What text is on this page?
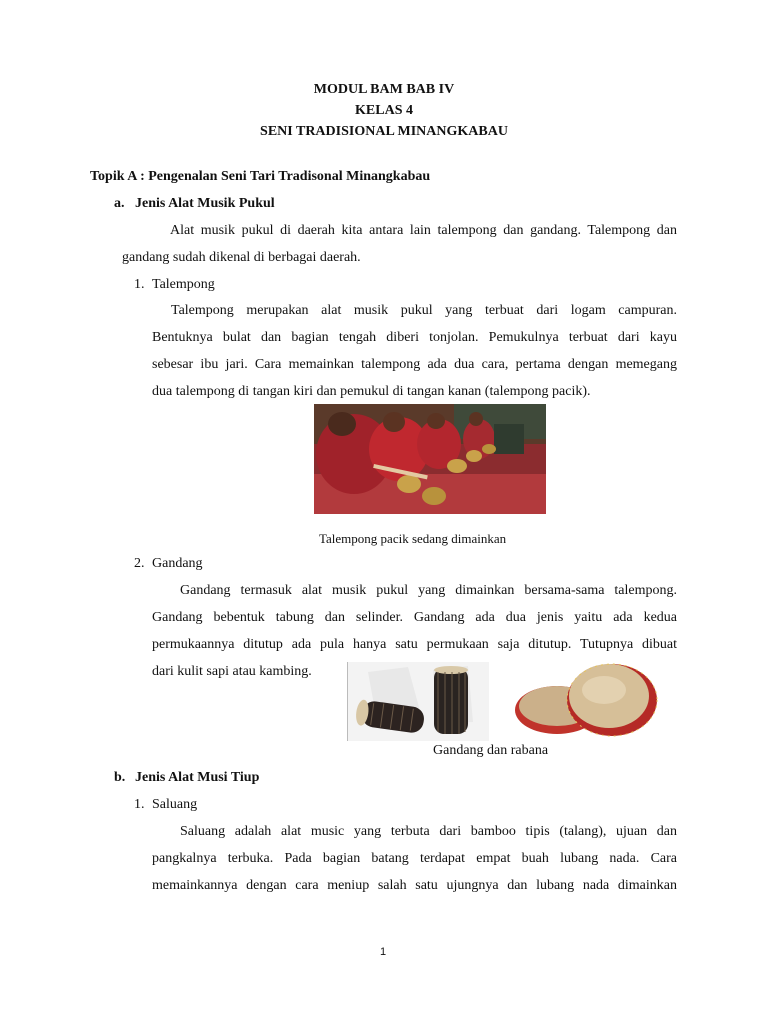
MODUL BAM BAB IV
KELAS 4
SENI TRADISIONAL MINANGKABAU
Topik A : Pengenalan Seni Tari Tradisonal Minangkabau
a. Jenis Alat Musik Pukul
Alat musik pukul di daerah kita antara lain talempong dan gandang. Talempong dan
gandang sudah dikenal di berbagai daerah.
1. Talempong
Talempong merupakan alat musik pukul yang terbuat dari logam campuran.
Bentuknya bulat dan bagian tengah diberi tonjolan. Pemukulnya terbuat dari kayu
sebesar ibu jari. Cara memainkan talempong ada dua cara, pertama dengan memegang
dua talempong di tangan kiri dan pemukul di tangan kanan (talempong pacik).
Talempong pacik sedang dimainkan
2. Gandang
Gandang termasuk alat musik pukul yang dimainkan bersama-sama talempong.
Gandang bebentuk tabung dan selinder. Gandang ada dua jenis yaitu ada kedua
permukaannya ditutup ada pula hanya satu permukaan saja ditutup. Tutupnya dibuat
dari kulit sapi atau kambing.
Gandang dan rabana
b. Jenis Alat Musi Tiup
1. Saluang
Saluang adalah alat music yang terbuta dari bamboo tipis (talang), ujuan dan
pangkalnya terbuka. Pada bagian batang terdapat empat buah lubang nada. Cara
memainkannya dengan cara meniup salah satu ujungnya dan lubang nada dimainkan
1
